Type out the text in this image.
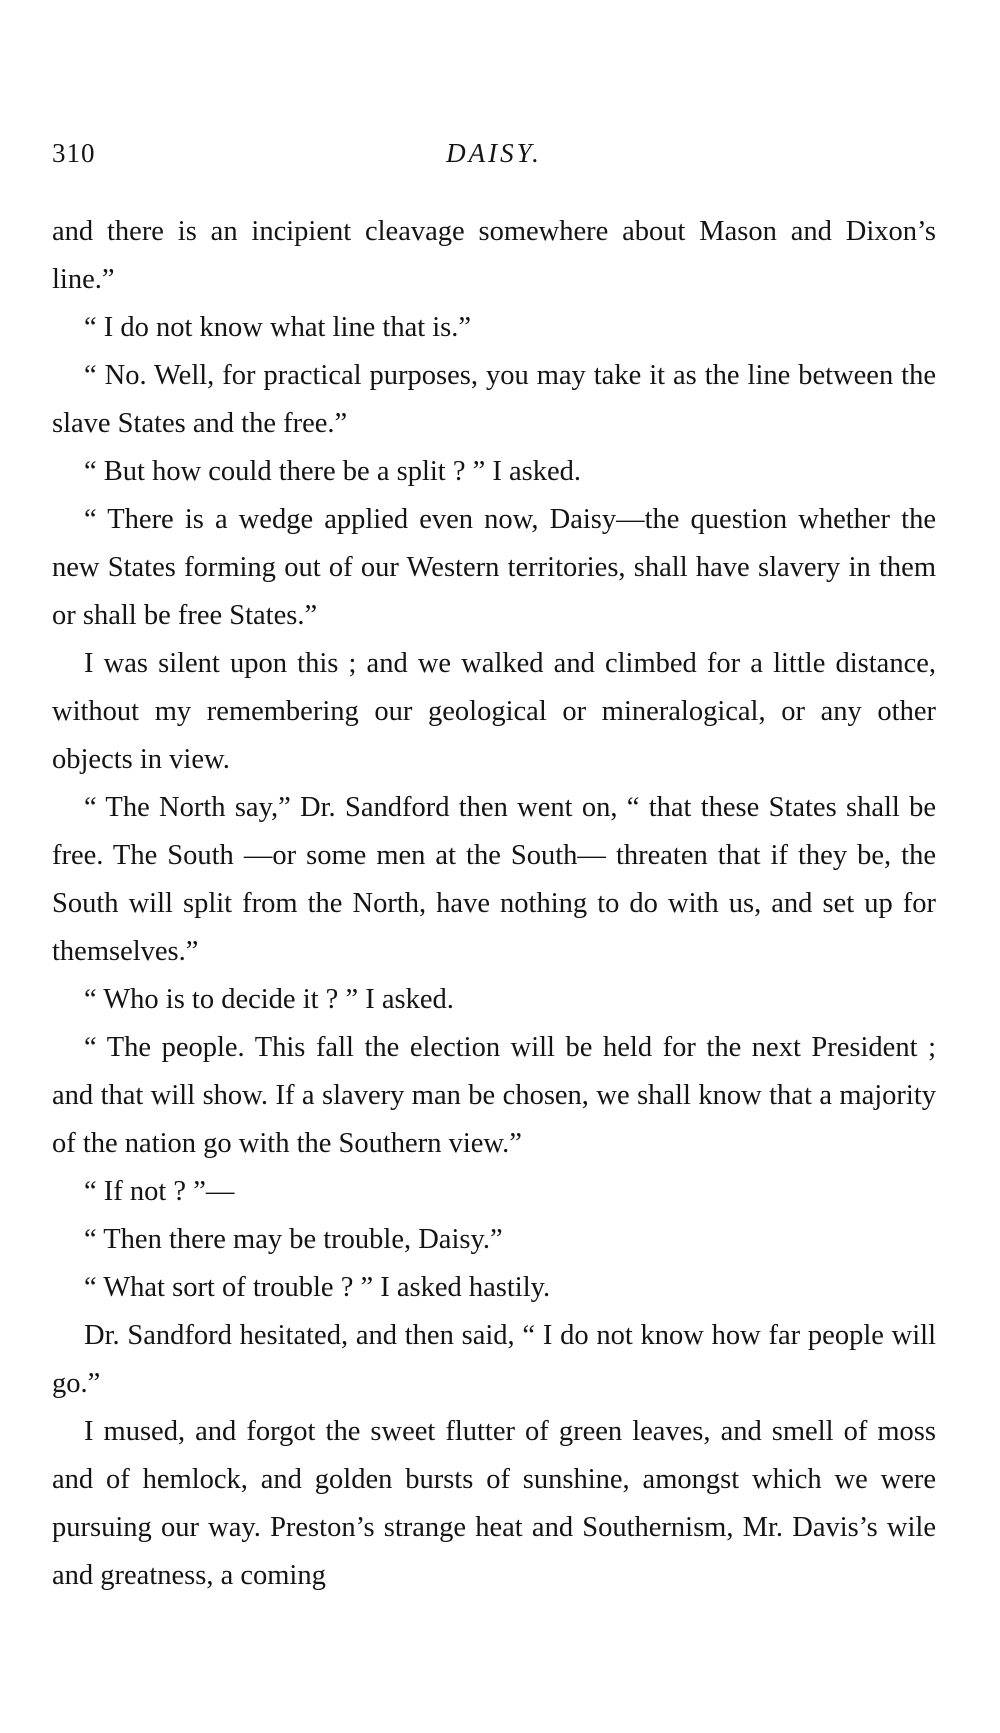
310	DAISY.

and there is an incipient cleavage somewhere about Mason and Dixon’s line.”

“ I do not know what line that is.”

“ No. Well, for practical purposes, you may take it as the line between the slave States and the free.”

“ But how could there be a split ? ” I asked.

“ There is a wedge applied even now, Daisy—the question whether the new States forming out of our Western territories, shall have slavery in them or shall be free States.”

I was silent upon this ; and we walked and climbed for a little distance, without my remembering our geological or mineralogical, or any other objects in view.

“ The North say,” Dr. Sandford then went on, “ that these States shall be free. The South —or some men at the South— threaten that if they be, the South will split from the North, have nothing to do with us, and set up for themselves.”

“ Who is to decide it ? ” I asked.

“ The people. This fall the election will be held for the next President ; and that will show. If a slavery man be chosen, we shall know that a majority of the nation go with the Southern view.”

“ If not ? ”—

“ Then there may be trouble, Daisy.”

“ What sort of trouble ? ” I asked hastily.

Dr. Sandford hesitated, and then said, “ I do not know how far people will go.”

I mused, and forgot the sweet flutter of green leaves, and smell of moss and of hemlock, and golden bursts of sunshine, amongst which we were pursuing our way. Preston’s strange heat and Southernism, Mr. Davis’s wile and greatness, a coming
